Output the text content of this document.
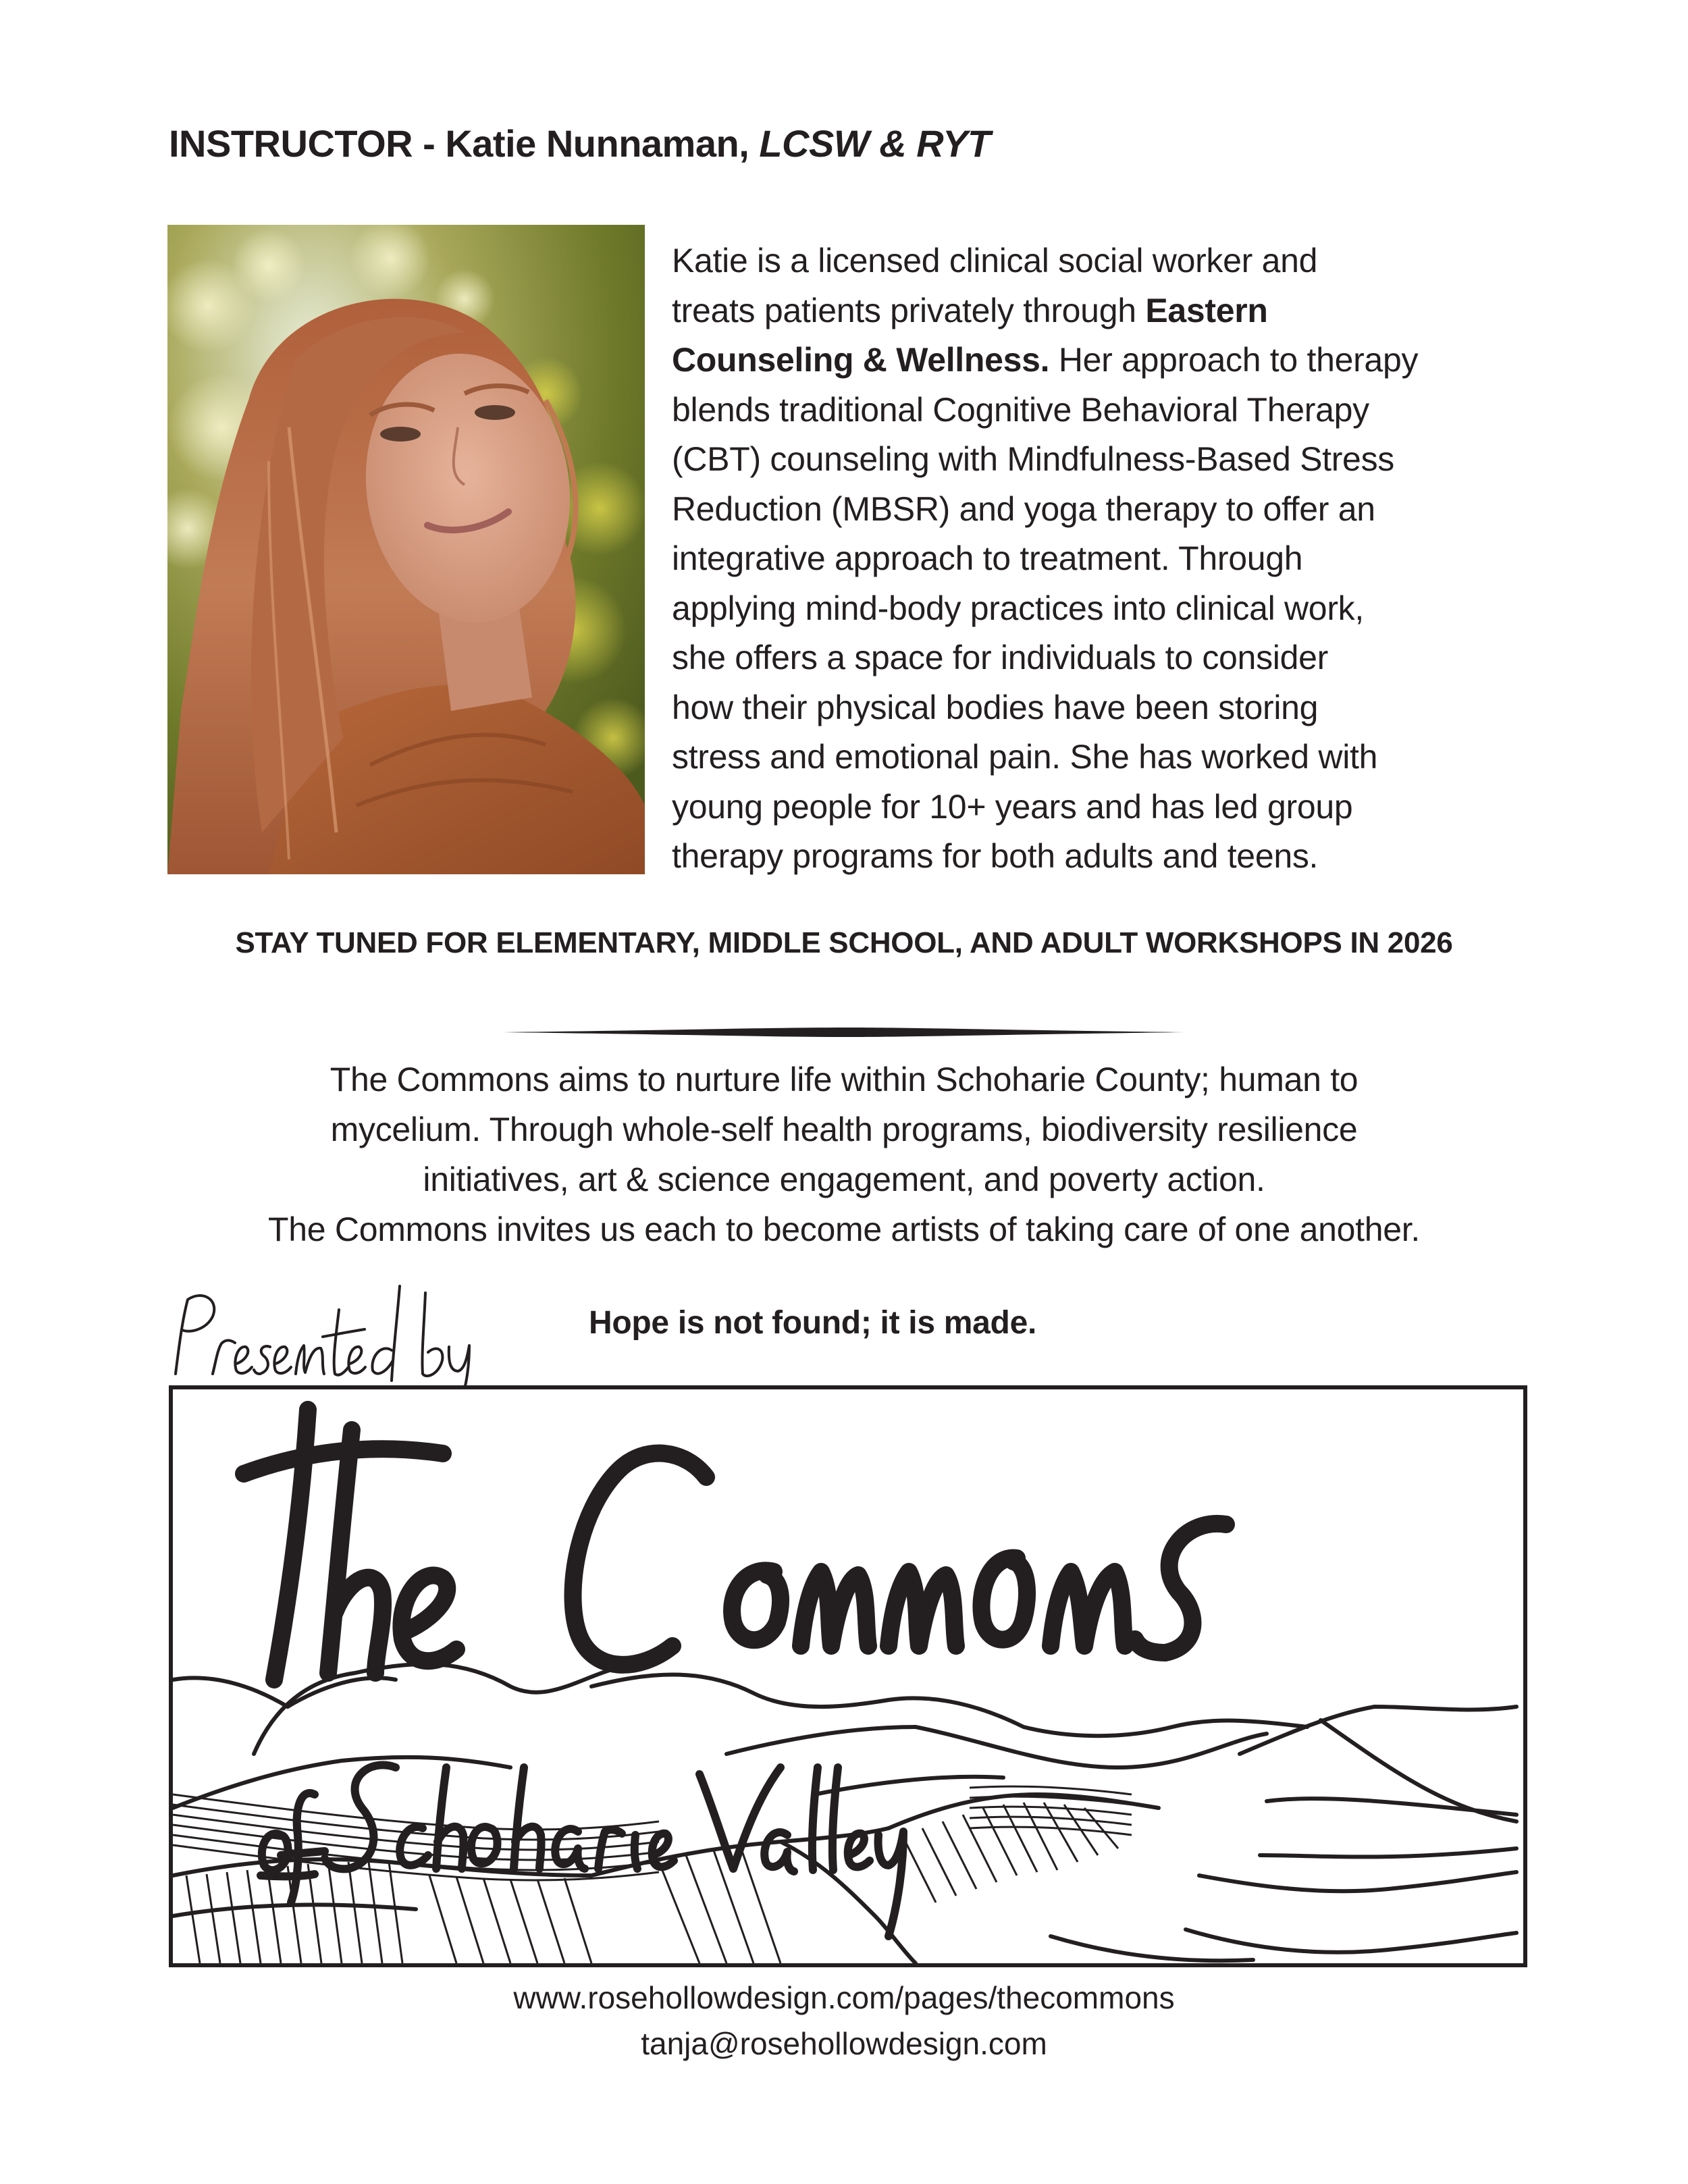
INSTRUCTOR - Katie Nunnaman, LCSW & RYT
Katie is a licensed clinical social worker and
treats patients privately through Eastern
Counseling & Wellness. Her approach to therapy
blends traditional Cognitive Behavioral Therapy
(CBT) counseling with Mindfulness-Based Stress
Reduction (MBSR) and yoga therapy to offer an
integrative approach to treatment. Through
applying mind-body practices into clinical work,
she offers a space for individuals to consider
how their physical bodies have been storing
stress and emotional pain. She has worked with
young people for 10+ years and has led group
therapy programs for both adults and teens.
STAY TUNED FOR ELEMENTARY, MIDDLE SCHOOL, AND ADULT WORKSHOPS IN 2026
The Commons aims to nurture life within Schoharie County; human to
mycelium. Through whole-self health programs, biodiversity resilience
initiatives, art & science engagement, and poverty action.
The Commons invites us each to become artists of taking care of one another.
Hope is not found; it is made.
www.rosehollowdesign.com/pages/thecommons
tanja@rosehollowdesign.com
